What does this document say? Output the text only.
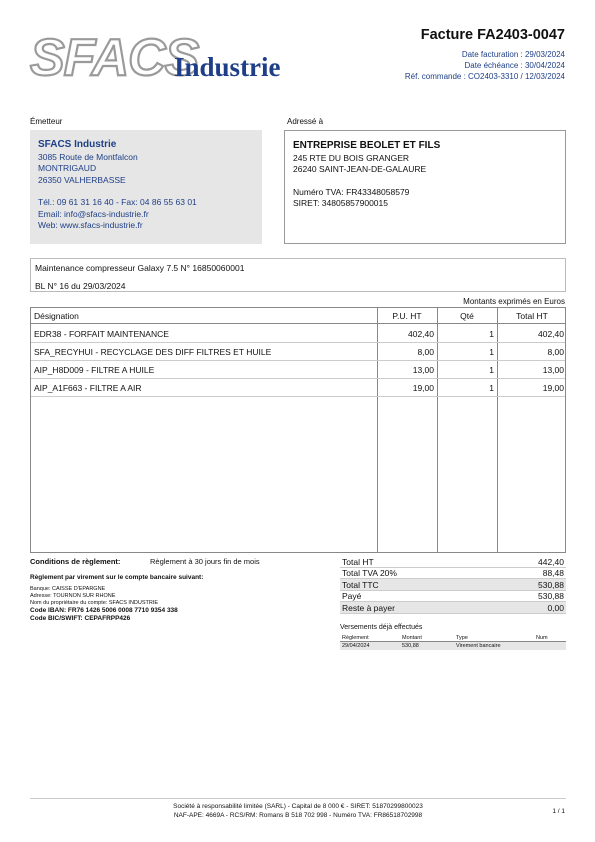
SFACS
Industrie
Facture FA2403-0047
Date facturation : 29/03/2024
Date échéance : 30/04/2024
Réf. commande : CO2403-3310 / 12/03/2024
Émetteur	Adressé à
SFACS Industrie
3085 Route de Montfalcon
MONTRIGAUD
26350 VALHERBASSE
Tél.: 09 61 31 16 40 - Fax: 04 86 55 63 01
Email: info@sfacs-industrie.fr
Web: www.sfacs-industrie.fr
ENTREPRISE BEOLET ET FILS
245 RTE DU BOIS GRANGER
26240 SAINT-JEAN-DE-GALAURE
Numéro TVA: FR43348058579
SIRET: 34805857900015
Maintenance compresseur Galaxy 7.5 N° 16850060001
BL N° 16 du 29/03/2024
Montants exprimés en Euros
Désignation	P.U. HT	Qté	Total HT
EDR38 - FORFAIT MAINTENANCE	402,40	1	402,40
SFA_RECYHUI - RECYCLAGE DES DIFF FILTRES ET HUILE	8,00	1	8,00
AIP_H8D009 - FILTRE A HUILE	13,00	1	13,00
AIP_A1F663 - FILTRE A AIR	19,00	1	19,00
Conditions de règlement:	Règlement à 30 jours fin de mois
Règlement par virement sur le compte bancaire suivant:
Banque: CAISSE D'EPARGNE
Adresse: TOURNON SUR RHONE
Nom du propriétaire du compte: SFACS INDUSTRIE
Code IBAN: FR76 1426 5006 0008 7710 9354 338
Code BIC/SWIFT: CEPAFRPP426
Total HT	442,40
Total TVA 20%	88,48
Total TTC	530,88
Payé	530,88
Reste à payer	0,00
Versements déjà effectués
Règlement	Montant	Type	Num
29/04/2024	530,88	Virement bancaire
Société à responsabilité limitée (SARL) - Capital de 8 000 € - SIRET: 51870299800023
NAF-APE: 4669A - RCS/RM: Romans B 518 702 998 - Numéro TVA: FR86518702998
1 / 1
